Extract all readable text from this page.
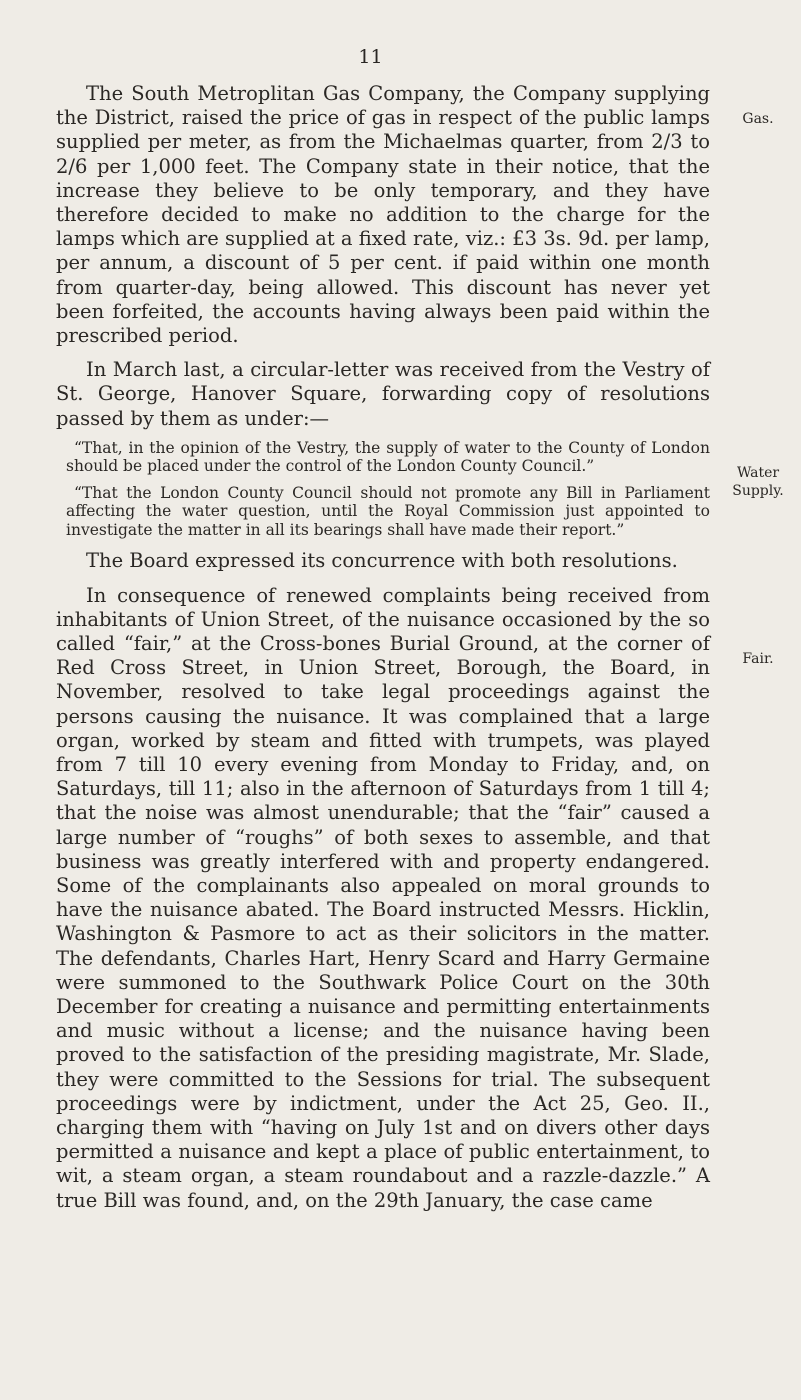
11
Gas.
Water Supply.
Fair.

The South Metroplitan Gas Company, the Company supplying the District, raised the price of gas in respect of the public lamps supplied per meter, as from the Michaelmas quarter, from 2/3 to 2/6 per 1,000 feet. The Company state in their notice, that the increase they believe to be only temporary, and they have therefore decided to make no addition to the charge for the lamps which are supplied at a fixed rate, viz.: £3 3s. 9d. per lamp, per annum, a discount of 5 per cent. if paid within one month from quarter-day, being allowed. This discount has never yet been forfeited, the accounts having always been paid within the prescribed period.

In March last, a circular-letter was received from the Vestry of St. George, Hanover Square, forwarding copy of resolutions passed by them as under:—

“That, in the opinion of the Vestry, the supply of water to the County of London should be placed under the control of the London County Council.”

“That the London County Council should not promote any Bill in Parliament affecting the water question, until the Royal Commission just appointed to investigate the matter in all its bearings shall have made their report.”

The Board expressed its concurrence with both resolutions.

In consequence of renewed complaints being received from inhabitants of Union Street, of the nuisance occasioned by the so called “fair,” at the Cross-bones Burial Ground, at the corner of Red Cross Street, in Union Street, Borough, the Board, in November, resolved to take legal proceedings against the persons causing the nuisance. It was complained that a large organ, worked by steam and fitted with trumpets, was played from 7 till 10 every evening from Monday to Friday, and, on Saturdays, till 11; also in the afternoon of Saturdays from 1 till 4; that the noise was almost unendurable; that the “fair” caused a large number of “roughs” of both sexes to assemble, and that business was greatly interfered with and property endangered. Some of the complainants also appealed on moral grounds to have the nuisance abated. The Board instructed Messrs. Hicklin, Washington & Pasmore to act as their solicitors in the matter. The defendants, Charles Hart, Henry Scard and Harry Germaine were summoned to the Southwark Police Court on the 30th December for creating a nuisance and permitting entertainments and music without a license; and the nuisance having been proved to the satisfaction of the presiding magistrate, Mr. Slade, they were committed to the Sessions for trial. The subsequent proceedings were by indictment, under the Act 25, Geo. II., charging them with “having on July 1st and on divers other days permitted a nuisance and kept a place of public entertainment, to wit, a steam organ, a steam roundabout and a razzle-dazzle.” A true Bill was found, and, on the 29th January, the case came
